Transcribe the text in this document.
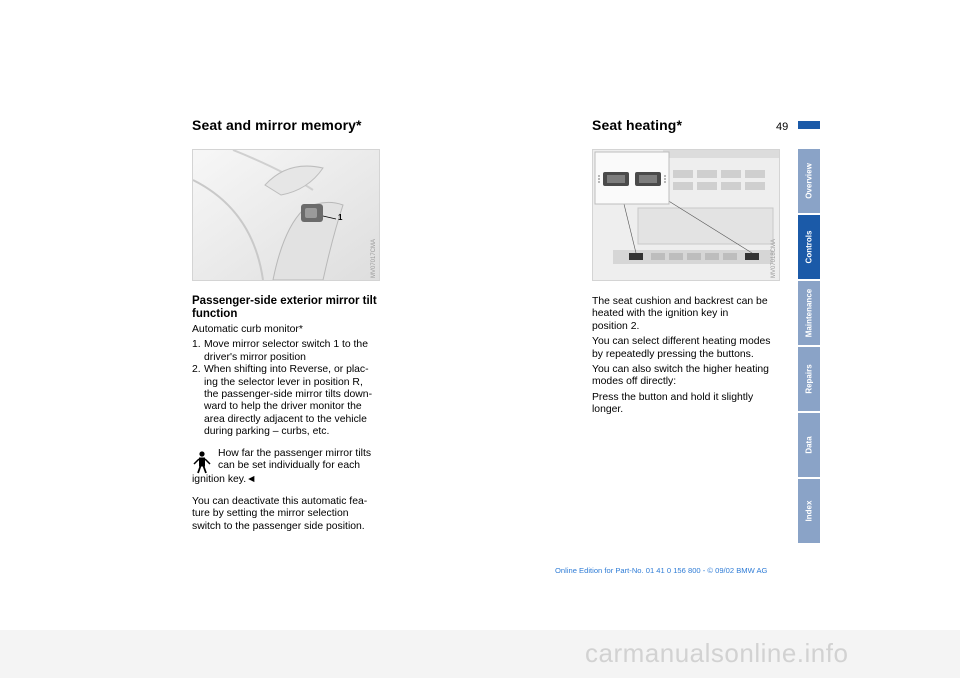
Seat and mirror memory*
1
MV07017CMA
Passenger-side exterior mirror tilt function

Automatic curb monitor*

1. Move mirror selector switch 1 to the
driver's mirror position
2. When shifting into Reverse, or plac-
ing the selector lever in position R,
the passenger-side mirror tilts down-
ward to help the driver monitor the
area directly adjacent to the vehicle
during parking – curbs, etc.
How far the passenger mirror tilts
can be set individually for each
ignition key.◄
You can deactivate this automatic fea-
ture by setting the mirror selection
switch to the passenger side position.
49
Seat heating*
MV07018CMA

The seat cushion and backrest can be
heated with the ignition key in
position 2.

You can select different heating modes
by repeatedly pressing the buttons.

You can also switch the higher heating
modes off directly:

Press the button and hold it slightly
longer.

Overview
Controls
Maintenance
Repairs
Data
Index
Online Edition for Part-No. 01 41 0 156 800 - © 09/02 BMW AG
carmanualsonline.info
